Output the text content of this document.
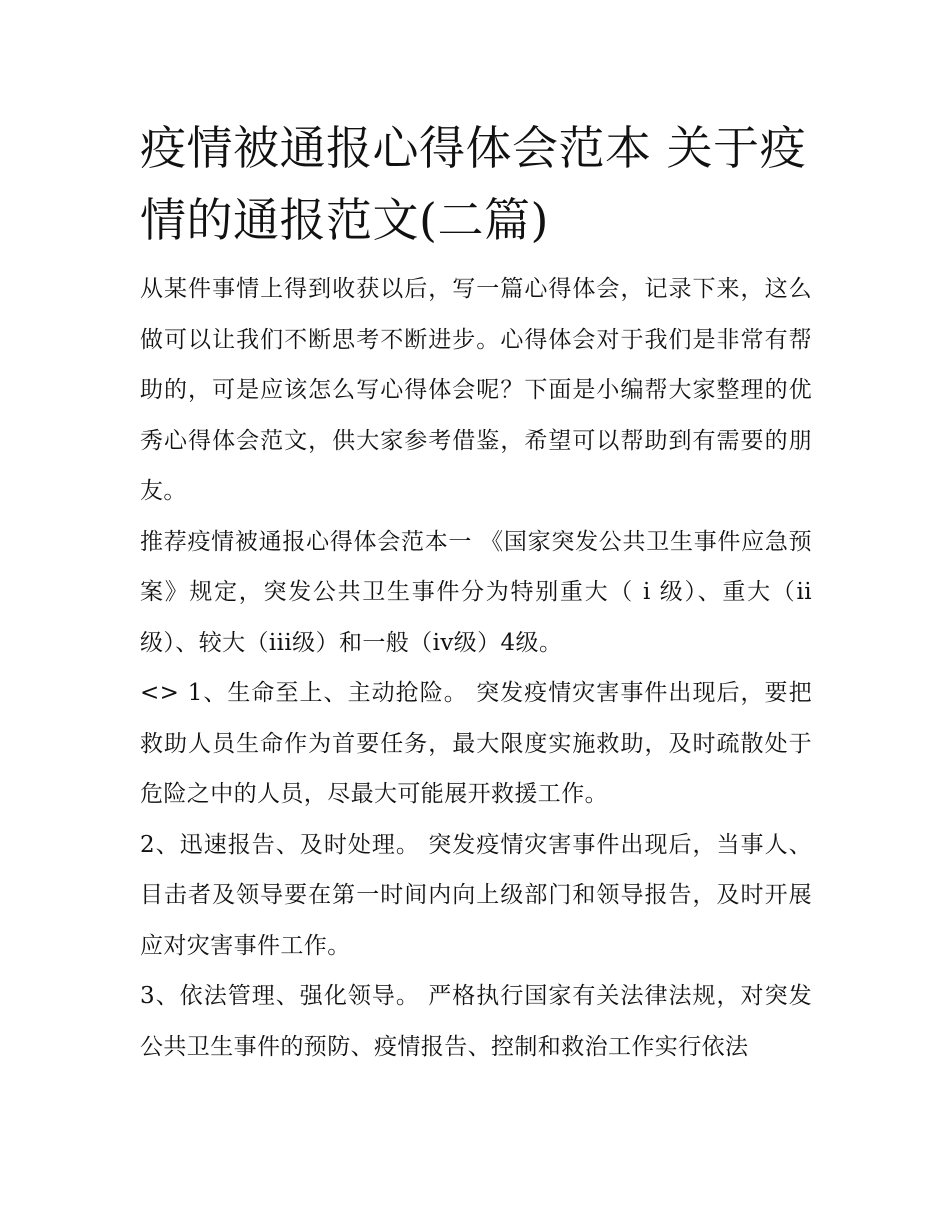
疫情被通报心得体会范本 关于疫情的通报范文(二篇)

从某件事情上得到收获以后，写一篇心得体会，记录下来，这么做可以让我们不断思考不断进步。心得体会对于我们是非常有帮助的，可是应该怎么写心得体会呢？下面是小编帮大家整理的优秀心得体会范文，供大家参考借鉴，希望可以帮助到有需要的朋友。

推荐疫情被通报心得体会范本一 《国家突发公共卫生事件应急预案》规定，突发公共卫生事件分为特别重大（ i 级）、重大（ii级）、较大（iii级）和一般（iv级）4级。

<> 1、生命至上、主动抢险。 突发疫情灾害事件出现后，要把救助人员生命作为首要任务，最大限度实施救助，及时疏散处于危险之中的人员，尽最大可能展开救援工作。

2、迅速报告、及时处理。 突发疫情灾害事件出现后，当事人、目击者及领导要在第一时间内向上级部门和领导报告，及时开展应对灾害事件工作。

3、依法管理、强化领导。 严格执行国家有关法律法规，对突发公共卫生事件的预防、疫情报告、控制和救治工作实行依法
